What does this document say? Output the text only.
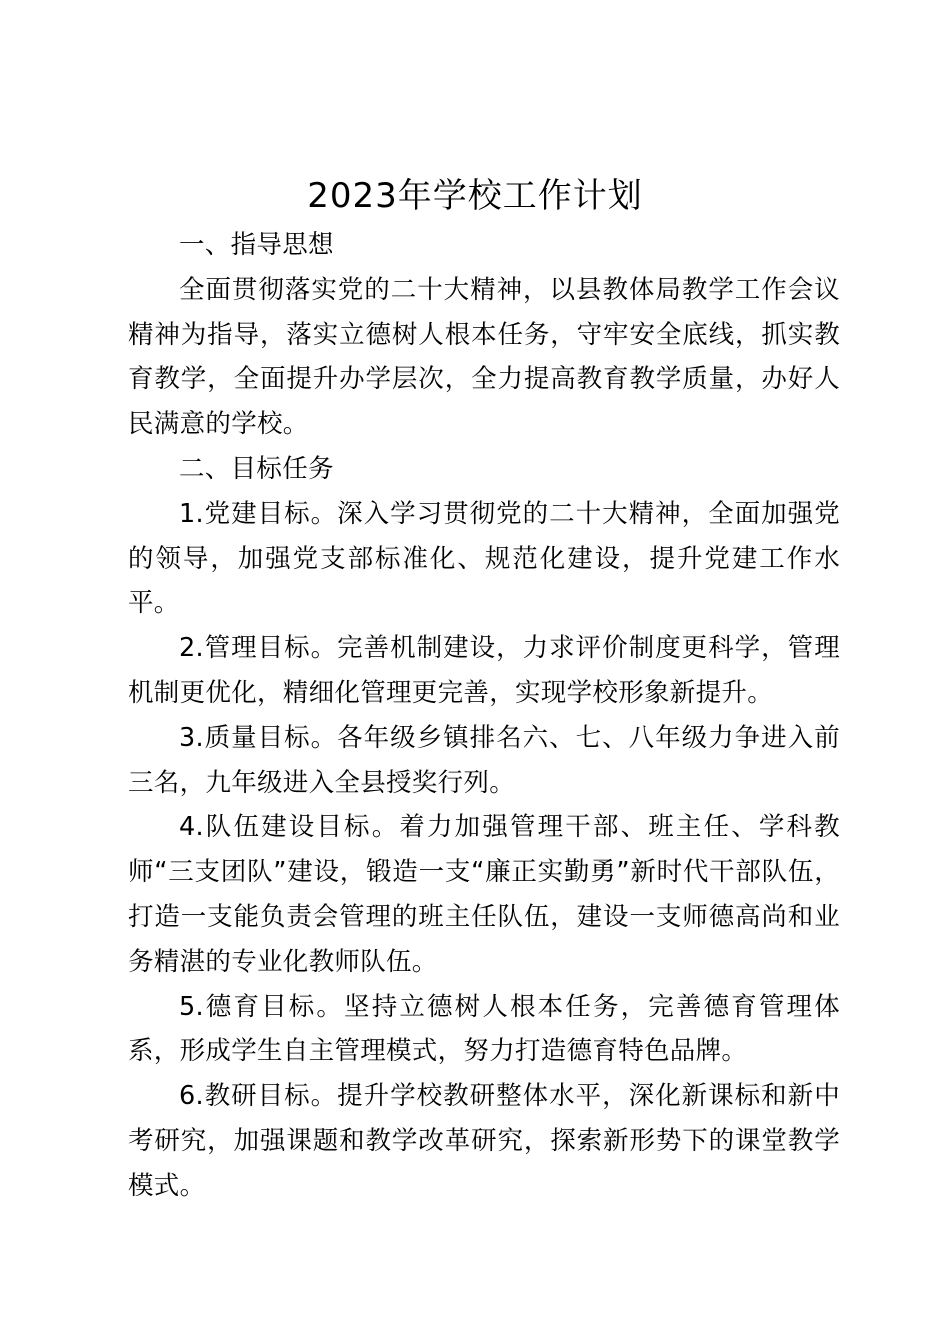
2023年学校工作计划

一、指导思想

全面贯彻落实党的二十大精神，以县教体局教学工作会议精神为指导，落实立德树人根本任务，守牢安全底线，抓实教育教学，全面提升办学层次，全力提高教育教学质量，办好人民满意的学校。

二、目标任务

1.党建目标。深入学习贯彻党的二十大精神，全面加强党的领导，加强党支部标准化、规范化建设，提升党建工作水平。

2.管理目标。完善机制建设，力求评价制度更科学，管理机制更优化，精细化管理更完善，实现学校形象新提升。

3.质量目标。各年级乡镇排名六、七、八年级力争进入前三名，九年级进入全县授奖行列。

4.队伍建设目标。着力加强管理干部、班主任、学科教师“三支团队”建设，锻造一支“廉正实勤勇”新时代干部队伍，打造一支能负责会管理的班主任队伍，建设一支师德高尚和业务精湛的专业化教师队伍。

5.德育目标。坚持立德树人根本任务，完善德育管理体系，形成学生自主管理模式，努力打造德育特色品牌。

6.教研目标。提升学校教研整体水平，深化新课标和新中考研究，加强课题和教学改革研究，探索新形势下的课堂教学模式。
